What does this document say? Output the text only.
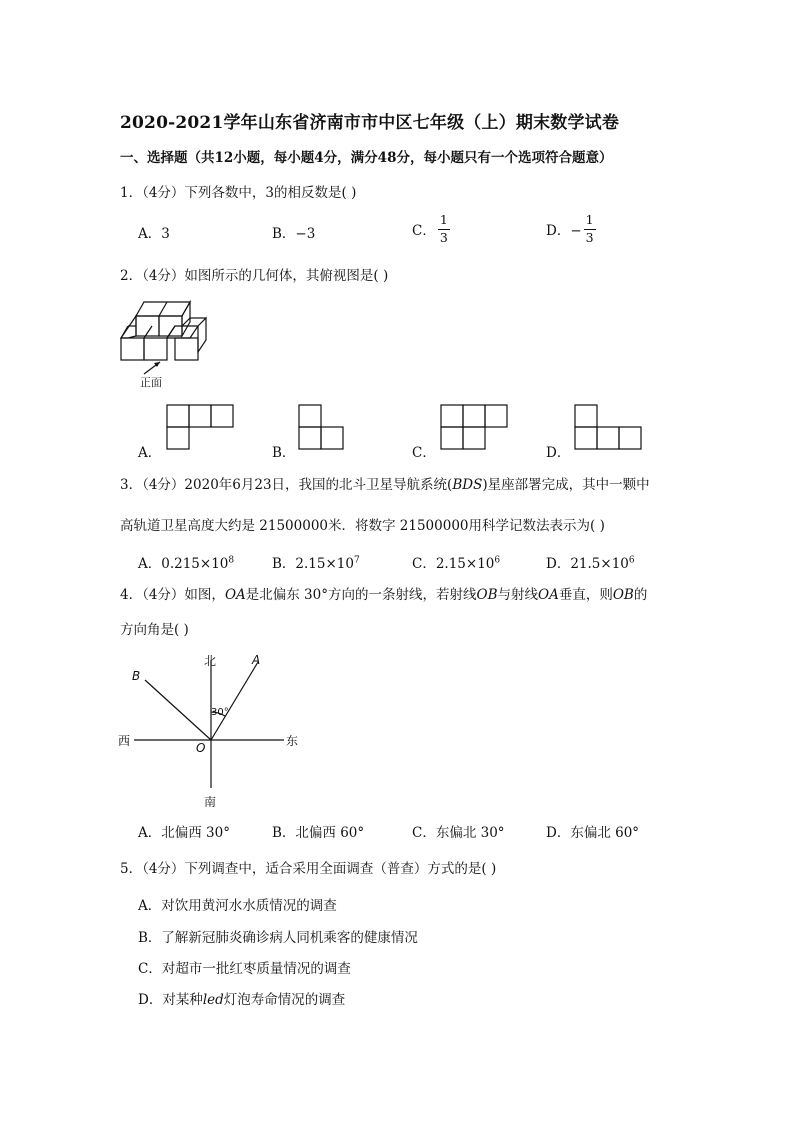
2020-2021学年山东省济南市市中区七年级（上）期末数学试卷
一、选择题（共12小题，每小题4分，满分48分，每小题只有一个选项符合题意）
1．（4分）下列各数中，3的相反数是( )
A．3	B．−3	C． $\frac{1}{3}$	D．− $\frac{1}{3}$
2．（4分）如图所示的几何体，其俯视图是( )
正面
A．	B．	C．	D．
3．（4分）2020年6月23日，我国的北斗卫星导航系统(BDS)星座部署完成，其中一颗中
高轨道卫星高度大约是 21500000米．将数字 21500000用科学记数法表示为( )
A．$0.215\times 10^8$	B．$2.15\times 10^7$	C．$2.15\times 10^6$	D．$21.5\times 10^6$
4．（4分）如图，OA是北偏东 30°方向的一条射线，若射线OB与射线OA垂直，则OB的
方向角是( )
北
南
东
西	O
A
B
30°
A．北偏西 30°	B．北偏西 60°	C．东偏北 30°	D．东偏北 60°
5．（4分）下列调查中，适合采用全面调查（普查）方式的是( )
A．对饮用黄河水水质情况的调查
B．了解新冠肺炎确诊病人同机乘客的健康情况
C．对超市一批红枣质量情况的调查
D．对某种led灯泡寿命情况的调查
